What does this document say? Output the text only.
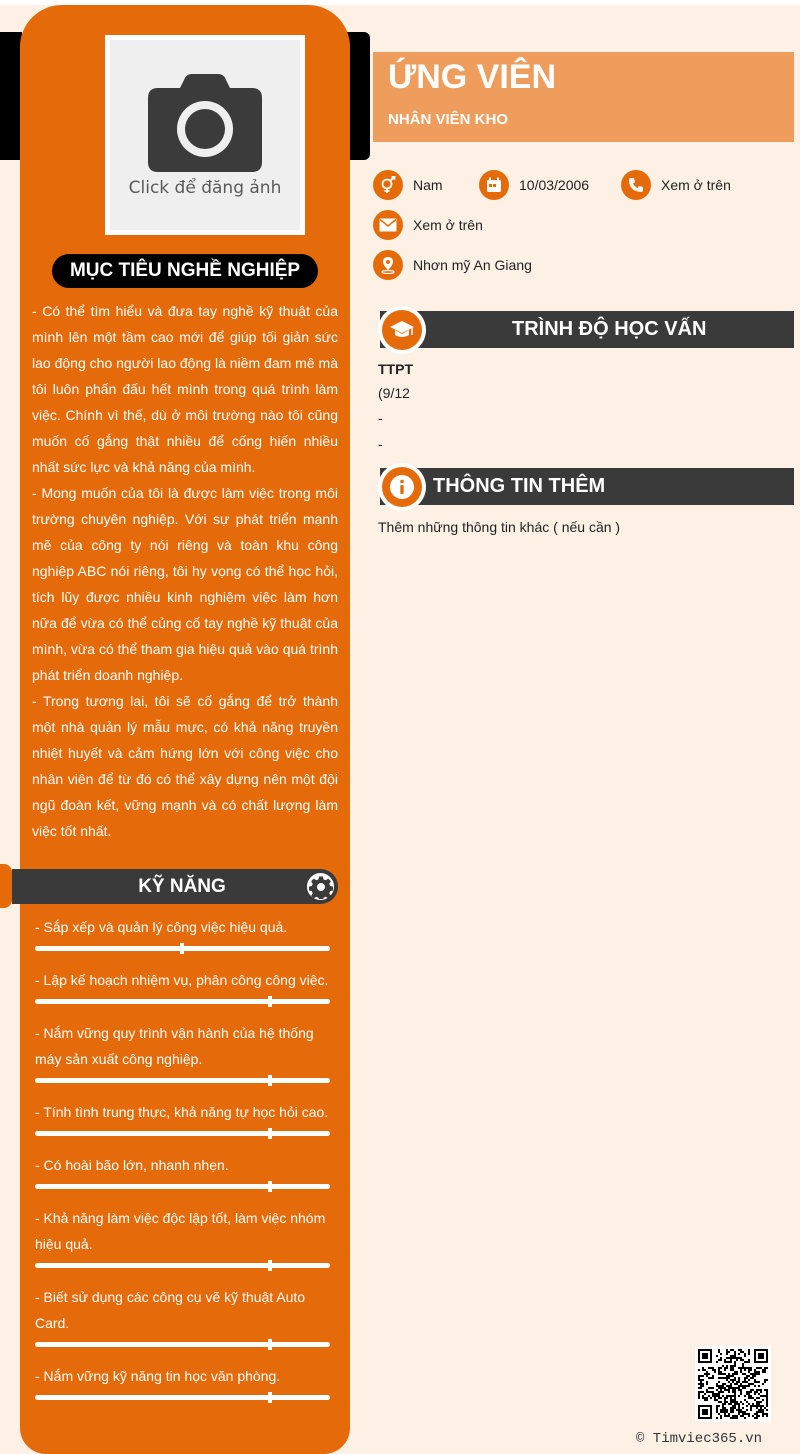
Click để đăng ảnh
MỤC TIÊU NGHỀ NGHIỆP

- Có thể tìm hiểu và đưa tay nghề kỹ thuật của mình lên một tầm cao mới để giúp tối giản sức lao động cho người lao động là niềm đam mê mà tôi luôn phấn đấu hết mình trong quá trình làm việc. Chính vì thế, dù ở môi trường nào tôi cũng muốn cố gắng thật nhiều để cống hiến nhiều nhất sức lực và khả năng của mình.

- Mong muốn của tôi là được làm việc trong môi trường chuyên nghiệp. Với sự phát triển mạnh mẽ của công ty nói riêng và toàn khu công nghiệp ABC nói riêng, tôi hy vọng có thể học hỏi, tích lũy được nhiều kinh nghiệm việc làm hơn nữa để vừa có thể củng cố tay nghề kỹ thuật của mình, vừa có thể tham gia hiệu quả vào quá trình phát triển doanh nghiệp.

- Trong tương lai, tôi sẽ cố gắng để trở thành một nhà quản lý mẫu mực, có khả năng truyền nhiệt huyết và cảm hứng lớn với công việc cho nhân viên để từ đó có thể xây dựng nên một đội ngũ đoàn kết, vững mạnh và có chất lượng làm việc tốt nhất.

KỸ NĂNG
- Sắp xếp và quản lý công việc hiệu quả.
- Lập kế hoạch nhiệm vụ, phân công công việc.
- Nắm vững quy trình vận hành của hệ thống máy sản xuất công nghiệp.
- Tính tình trung thực, khả năng tự học hỏi cao.
- Có hoài bão lớn, nhanh nhẹn.
- Khả năng làm việc độc lập tốt, làm việc nhóm hiệu quả.
- Biết sử dụng các công cụ vẽ kỹ thuật Auto Card.
- Nắm vững kỹ năng tin học văn phòng.
ỨNG VIÊN
NHÂN VIÊN KHO
Nam	10/03/2006	Xem ở trên
Xem ở trên
Nhơn mỹ An Giang
TRÌNH ĐỘ HỌC VẤN
TTPT
(9/12
-
-
THÔNG TIN THÊM
Thêm những thông tin khác ( nếu cần )
© Timviec365.vn
